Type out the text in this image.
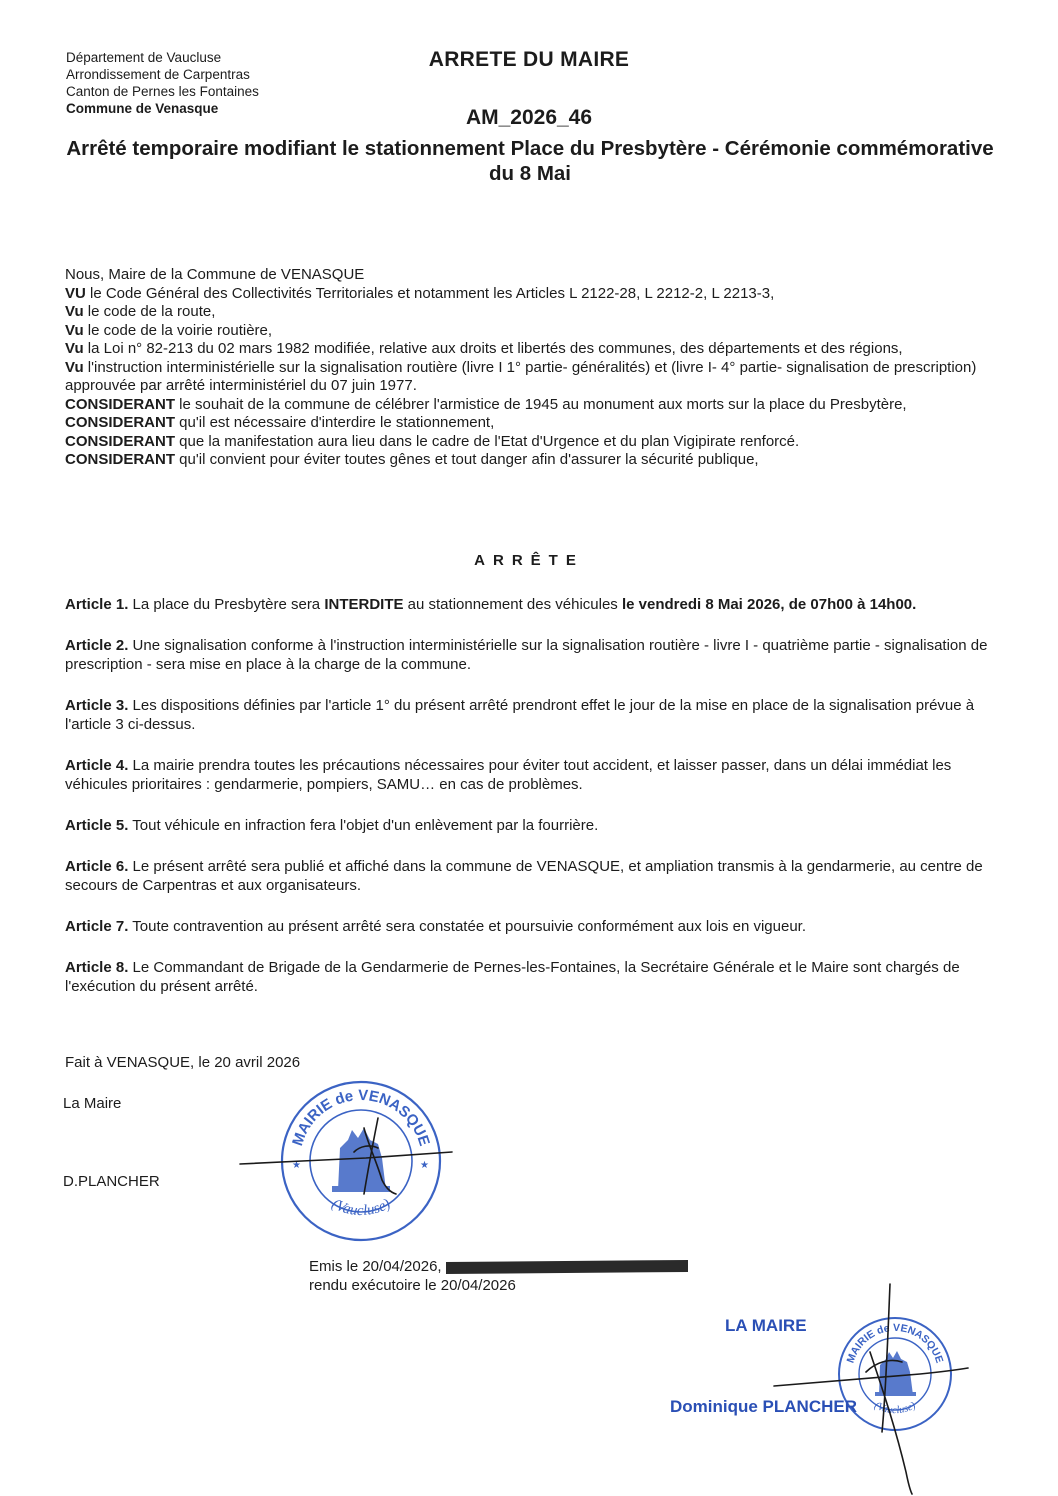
Département de Vaucluse
Arrondissement de Carpentras
Canton de Pernes les Fontaines
Commune de Venasque
ARRETE DU MAIRE
AM_2026_46
Arrêté temporaire modifiant le stationnement Place du Presbytère - Cérémonie commémorative du 8 Mai

Nous, Maire de la Commune de VENASQUE

VU le Code Général des Collectivités Territoriales et notamment les Articles L 2122-28, L 2212-2, L 2213-3,

Vu le code de la route,

Vu le code de la voirie routière,

Vu la Loi n° 82-213 du 02 mars 1982 modifiée, relative aux droits et libertés des communes, des départements et des régions,

Vu l'instruction interministérielle sur la signalisation routière (livre I 1° partie- généralités) et (livre I- 4° partie- signalisation de prescription) approuvée par arrêté interministériel du 07 juin 1977.

CONSIDERANT le souhait de la commune de célébrer l'armistice de 1945 au monument aux morts sur la place du Presbytère,

CONSIDERANT qu'il est nécessaire d'interdire le stationnement,

CONSIDERANT que la manifestation aura lieu dans le cadre de l'Etat d'Urgence et du plan Vigipirate renforcé.

CONSIDERANT qu'il convient pour éviter toutes gênes et tout danger afin d'assurer la sécurité publique,

ARRÊTE
Article 1. La place du Presbytère sera INTERDITE au stationnement des véhicules le vendredi 8 Mai 2026, de 07h00 à 14h00.
Article 2. Une signalisation conforme à l'instruction interministérielle sur la signalisation routière - livre I - quatrième partie - signalisation de prescription - sera mise en place à la charge de la commune.
Article 3. Les dispositions définies par l'article 1° du présent arrêté prendront effet le jour de la mise en place de la signalisation prévue à l'article 3 ci-dessus.
Article 4. La mairie prendra toutes les précautions nécessaires pour éviter tout accident, et laisser passer, dans un délai immédiat les véhicules prioritaires : gendarmerie, pompiers, SAMU… en cas de problèmes.
Article 5. Tout véhicule en infraction fera l'objet d'un enlèvement par la fourrière.
Article 6. Le présent arrêté sera publié et affiché dans la commune de VENASQUE, et ampliation transmis à la gendarmerie, au centre de secours de Carpentras et aux organisateurs.
Article 7. Toute contravention au présent arrêté sera constatée et poursuivie conformément aux lois en vigueur.
Article 8. Le Commandant de Brigade de la Gendarmerie de Pernes-les-Fontaines, la Secrétaire Générale et le Maire sont chargés de l'exécution du présent arrêté.
Fait à VENASQUE, le 20 avril 2026
La Maire
D.PLANCHER
MAIRIE de VENASQUE
(Vaucluse)
★	★
Emis le 20/04/2026,
rendu exécutoire le 20/04/2026
LA MAIRE
MAIRIE de VENASQUE
(Vaucluse)
Dominique PLANCHER
